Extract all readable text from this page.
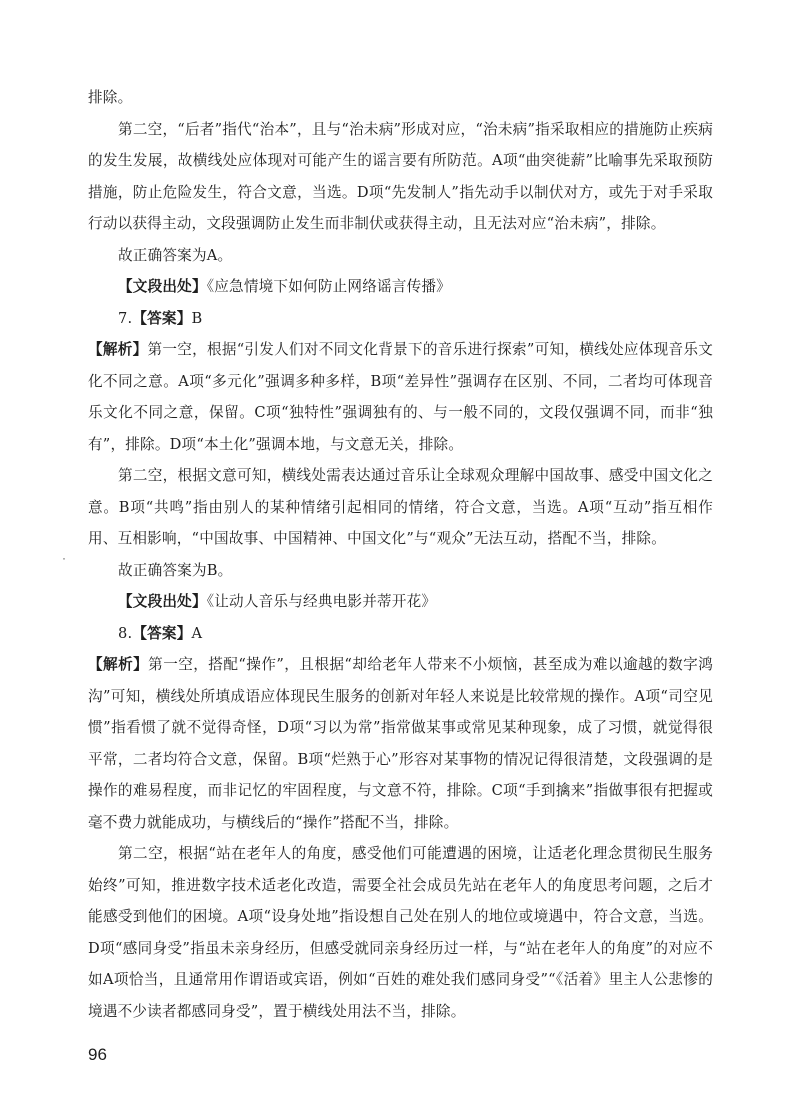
·

排除。

第二空，“后者”指代“治本”，且与“治未病”形成对应，“治未病”指采取相应的措施防止疾病的发生发展，故横线处应体现对可能产生的谣言要有所防范。A项“曲突徙薪”比喻事先采取预防措施，防止危险发生，符合文意，当选。D项“先发制人”指先动手以制伏对方，或先于对手采取行动以获得主动，文段强调防止发生而非制伏或获得主动，且无法对应“治未病”，排除。

故正确答案为A。

【文段出处】《应急情境下如何防止网络谣言传播》

7.【答案】B

【解析】第一空，根据“引发人们对不同文化背景下的音乐进行探索”可知，横线处应体现音乐文化不同之意。A项“多元化”强调多种多样，B项“差异性”强调存在区别、不同，二者均可体现音乐文化不同之意，保留。C项“独特性”强调独有的、与一般不同的，文段仅强调不同，而非“独有”，排除。D项“本土化”强调本地，与文意无关，排除。

第二空，根据文意可知，横线处需表达通过音乐让全球观众理解中国故事、感受中国文化之意。B项“共鸣”指由别人的某种情绪引起相同的情绪，符合文意，当选。A项“互动”指互相作用、互相影响，“中国故事、中国精神、中国文化”与“观众”无法互动，搭配不当，排除。

故正确答案为B。

【文段出处】《让动人音乐与经典电影并蒂开花》

8.【答案】A

【解析】第一空，搭配“操作”，且根据“却给老年人带来不小烦恼，甚至成为难以逾越的数字鸿沟”可知，横线处所填成语应体现民生服务的创新对年轻人来说是比较常规的操作。A项“司空见惯”指看惯了就不觉得奇怪，D项“习以为常”指常做某事或常见某种现象，成了习惯，就觉得很平常，二者均符合文意，保留。B项“烂熟于心”形容对某事物的情况记得很清楚，文段强调的是操作的难易程度，而非记忆的牢固程度，与文意不符，排除。C项“手到擒来”指做事很有把握或毫不费力就能成功，与横线后的“操作”搭配不当，排除。

第二空，根据“站在老年人的角度，感受他们可能遭遇的困境，让适老化理念贯彻民生服务始终”可知，推进数字技术适老化改造，需要全社会成员先站在老年人的角度思考问题，之后才能感受到他们的困境。A项“设身处地”指设想自己处在别人的地位或境遇中，符合文意，当选。D项“感同身受”指虽未亲身经历，但感受就同亲身经历过一样，与“站在老年人的角度”的对应不如A项恰当，且通常用作谓语或宾语，例如“百姓的难处我们感同身受”“《活着》里主人公悲惨的境遇不少读者都感同身受”，置于横线处用法不当，排除。

96
